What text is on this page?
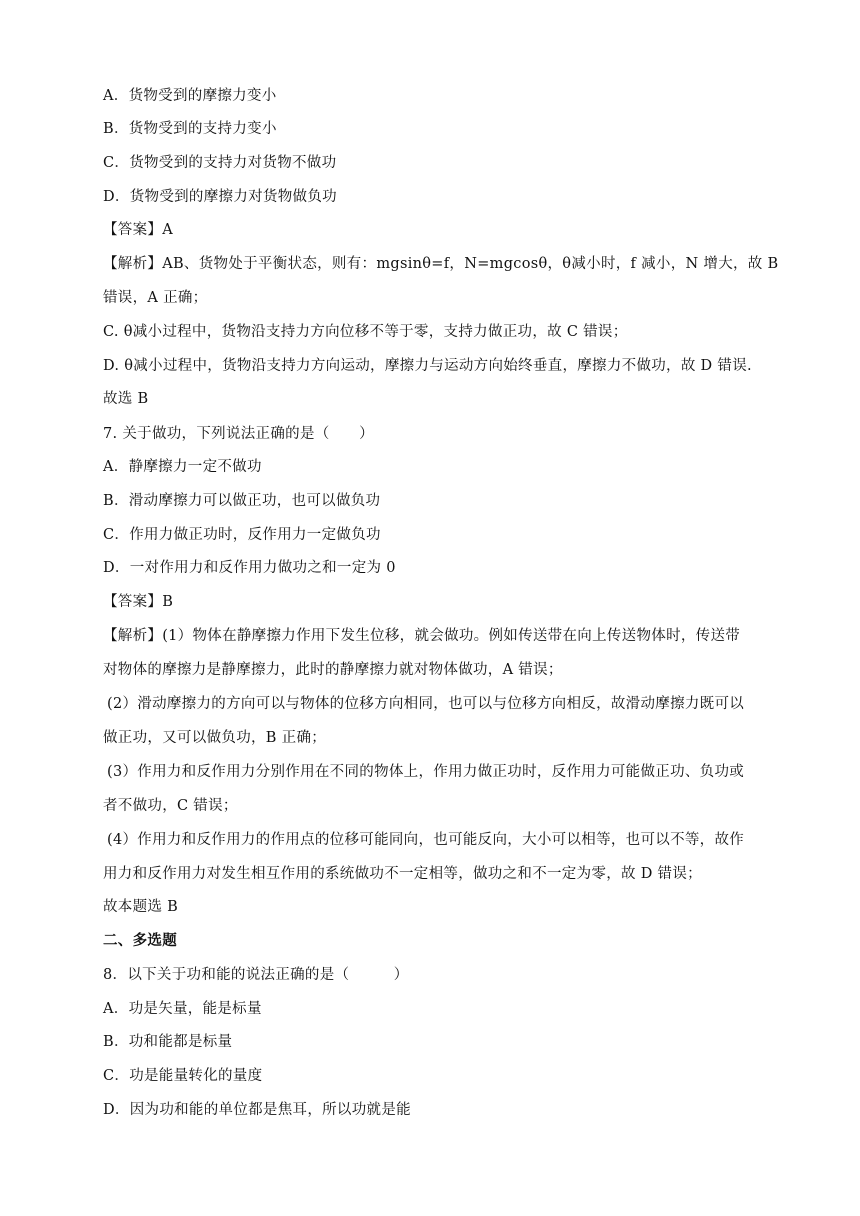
A．货物受到的摩擦力变小
B．货物受到的支持力变小
C．货物受到的支持力对货物不做功
D．货物受到的摩擦力对货物做负功
【答案】A
【解析】AB、货物处于平衡状态，则有：mgsinθ=f，N=mgcosθ，θ减小时，f 减小，N 增大，故 B
错误，A 正确；
C. θ减小过程中，货物沿支持力方向位移不等于零，支持力做正功，故 C 错误；
D. θ减小过程中，货物沿支持力方向运动，摩擦力与运动方向始终垂直，摩擦力不做功，故 D 错误.
故选 B
7. 关于做功，下列说法正确的是（　　）
A．静摩擦力一定不做功
B．滑动摩擦力可以做正功，也可以做负功
C．作用力做正功时，反作用力一定做负功
D．一对作用力和反作用力做功之和一定为 0
【答案】B
【解析】(1）物体在静摩擦力作用下发生位移，就会做功。例如传送带在向上传送物体时，传送带
对物体的摩擦力是静摩擦力，此时的静摩擦力就对物体做功，A 错误；
(2）滑动摩擦力的方向可以与物体的位移方向相同，也可以与位移方向相反，故滑动摩擦力既可以
做正功，又可以做负功，B 正确；
(3）作用力和反作用力分别作用在不同的物体上，作用力做正功时，反作用力可能做正功、负功或
者不做功，C 错误；
(4）作用力和反作用力的作用点的位移可能同向，也可能反向，大小可以相等，也可以不等，故作
用力和反作用力对发生相互作用的系统做功不一定相等，做功之和不一定为零，故 D 错误；
故本题选 B
二、多选题
8．以下关于功和能的说法正确的是（　　　）
A．功是矢量，能是标量
B．功和能都是标量
C．功是能量转化的量度
D．因为功和能的单位都是焦耳，所以功就是能
